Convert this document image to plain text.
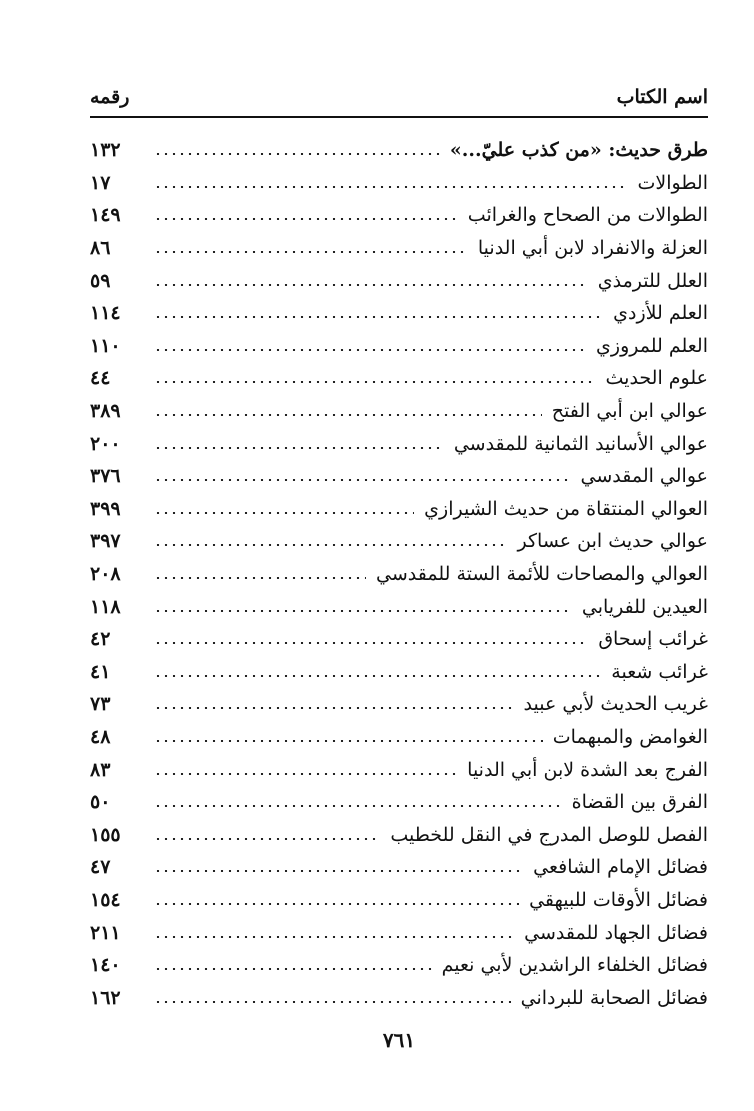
اسم الكتاب
رقمه
طرق حديث: «من كذب عليّ...»
١٣٢
الطوالات
١٧
الطوالات من الصحاح والغرائب
١٤٩
العزلة والانفراد لابن أبي الدنيا
٨٦
العلل للترمذي
٥٩
العلم للأزدي
١١٤
العلم للمروزي
١١٠
علوم الحديث
٤٤
عوالي ابن أبي الفتح
٣٨٩
عوالي الأسانيد الثمانية للمقدسي
٢٠٠
عوالي المقدسي
٣٧٦
العوالي المنتقاة من حديث الشيرازي
٣٩٩
عوالي حديث ابن عساكر
٣٩٧
العوالي والمصاحات للأئمة الستة للمقدسي
٢٠٨
العيدين للفريابي
١١٨
غرائب إسحاق
٤٢
غرائب شعبة
٤١
غريب الحديث لأبي عبيد
٧٣
الغوامض والمبهمات
٤٨
الفرج بعد الشدة لابن أبي الدنيا
٨٣
الفرق بين القضاة
٥٠
الفصل للوصل المدرج في النقل للخطيب
١٥٥
فضائل الإمام الشافعي
٤٧
فضائل الأوقات للبيهقي
١٥٤
فضائل الجهاد للمقدسي
٢١١
فضائل الخلفاء الراشدين لأبي نعيم
١٤٠
فضائل الصحابة للبرداني
١٦٢
٧٦١
